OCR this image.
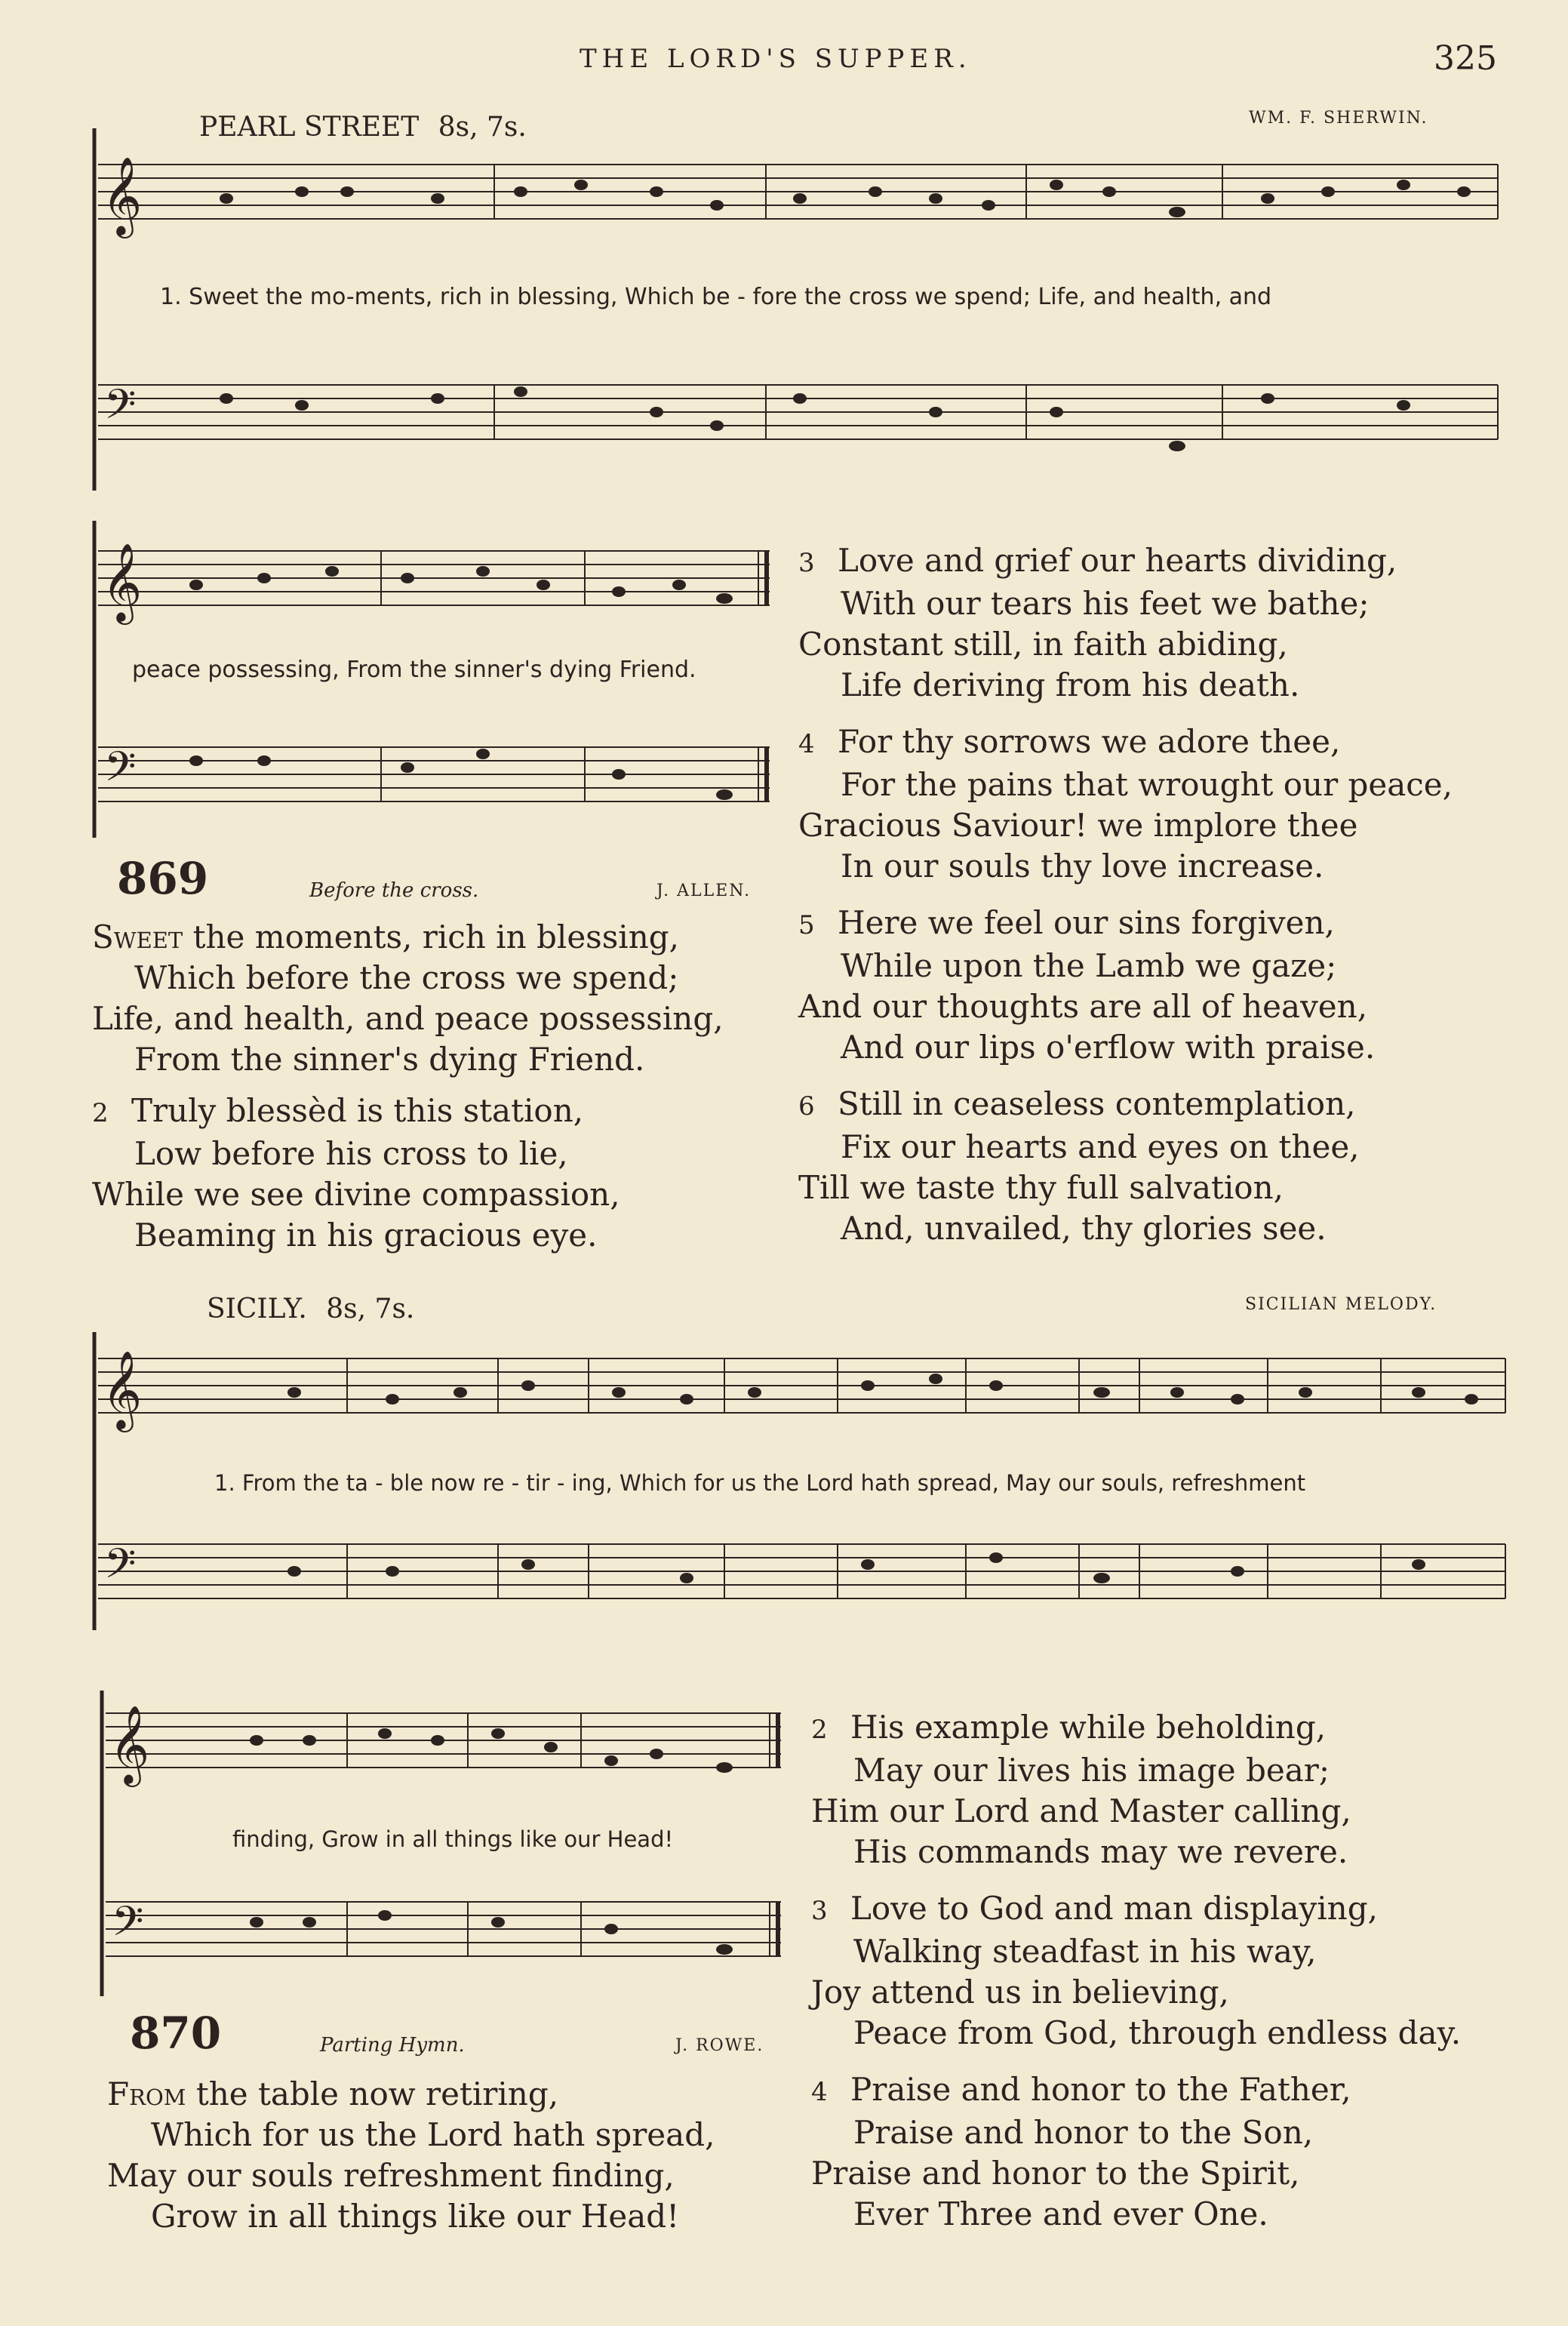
THE LORD'S SUPPER.	325
PEARL STREET 8s, 7s.	WM. F. SHERWIN.
𝄞
𝄢
1. Sweet the mo-ments, rich in blessing, Which be - fore the cross we spend; Life, and health, and
𝄞
𝄢
peace possessing, From the sinner's dying Friend.
869	Before the cross.	J. ALLEN.
Sweet the moments, rich in blessing,
Which before the cross we spend;
Life, and health, and peace possessing,
From the sinner's dying Friend.
2 Truly blessèd is this station,
Low before his cross to lie,
While we see divine compassion,
Beaming in his gracious eye.
3 Love and grief our hearts dividing,
With our tears his feet we bathe;
Constant still, in faith abiding,
Life deriving from his death.
4 For thy sorrows we adore thee,
For the pains that wrought our peace,
Gracious Saviour! we implore thee
In our souls thy love increase.
5 Here we feel our sins forgiven,
While upon the Lamb we gaze;
And our thoughts are all of heaven,
And our lips o'erflow with praise.
6 Still in ceaseless contemplation,
Fix our hearts and eyes on thee,
Till we taste thy full salvation,
And, unvailed, thy glories see.
SICILY. 8s, 7s.	SICILIAN MELODY.
𝄞
𝄢
1. From the ta - ble now re - tir - ing, Which for us the Lord hath spread, May our souls, refreshment
𝄞
𝄢
finding, Grow in all things like our Head!
870	Parting Hymn.	J. ROWE.
From the table now retiring,
Which for us the Lord hath spread,
May our souls refreshment finding,
Grow in all things like our Head!
2 His example while beholding,
May our lives his image bear;
Him our Lord and Master calling,
His commands may we revere.
3 Love to God and man displaying,
Walking steadfast in his way,
Joy attend us in believing,
Peace from God, through endless day.
4 Praise and honor to the Father,
Praise and honor to the Son,
Praise and honor to the Spirit,
Ever Three and ever One.
